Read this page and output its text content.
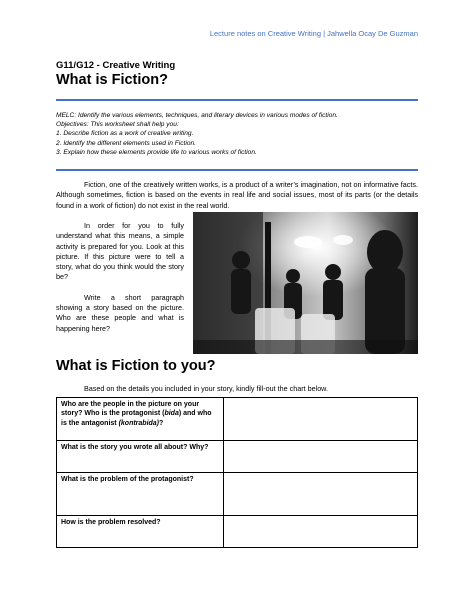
Lecture notes on Creative Writing | Jahwella Ocay De Guzman
G11/G12 - Creative Writing
What is Fiction?
MELC: Identify the various elements, techniques, and literary devices in various modes of fiction.
Objectives: This worksheet shall help you:
1. Describe fiction as a work of creative writing.
2. Identify the different elements used in Fiction.
3. Explain how these elements provide life to various works of fiction.
Fiction, one of the creatively written works, is a product of a writer’s imagination, not on informative facts. Although sometimes, fiction is based on the events in real life and social issues, most of its parts (or the details found in a work of fiction) do not exist in the real world.

In order for you to fully understand what this means, a simple activity is prepared for you. Look at this picture. If this picture were to tell a story, what do you think would the story be?

Write a short paragraph showing a story based on the picture. Who are these people and what is happening here?

What is Fiction to you?
Based on the details you included in your story, kindly fill-out the chart below.
Who are the people in the picture on your story? Who is the protagonist (bida) and who is the antagonist (kontrabida)?	
What is the story you wrote all about? Why?	
What is the problem of the protagonist?	
How is the problem resolved?	
